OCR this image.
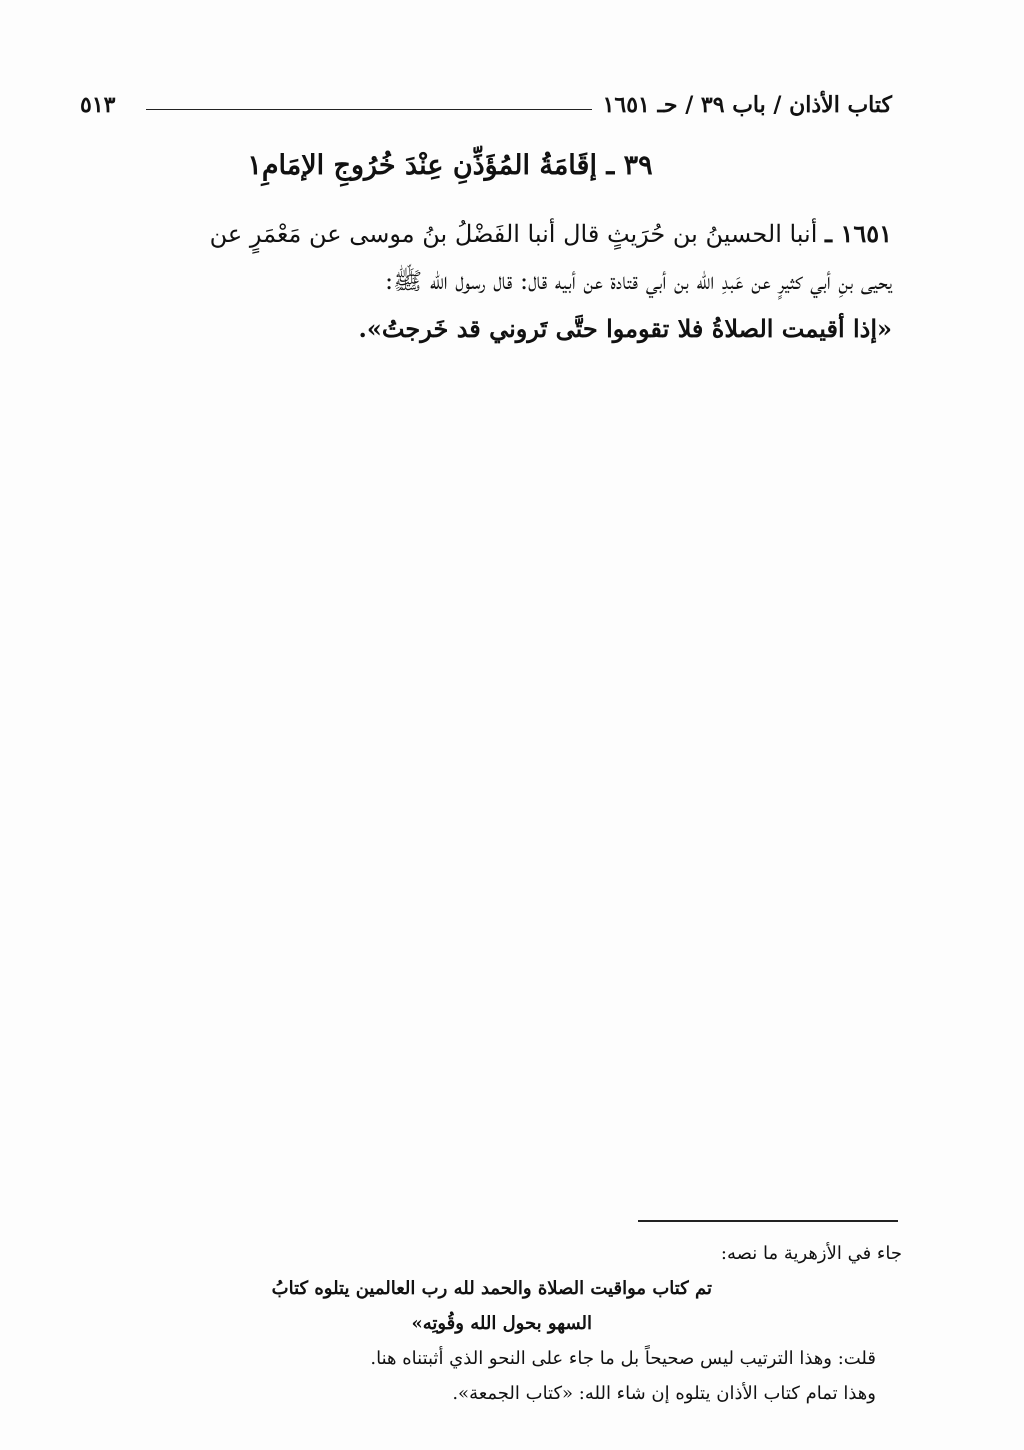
كتاب الأذان / باب ٣٩ / حـ ١٦٥١
٥١٣
٣٩ ـ إقَامَةُ المُؤَذِّنِ عِنْدَ خُرُوجِ الإمَامِ١
١٦٥١ ـ أنبا الحسينُ بن حُرَيثٍ قال أنبا الفَضْلُ بنُ موسى عن مَعْمَرٍ عن
يحيى بنِ أبي كثيرٍ عن عَبدِ الله بن أبي قتادة عن أبيه قال: قال رسول الله ﷺ:
«إذا أقيمت الصلاةُ فلا تقوموا حتَّى تَروني قد خَرجتُ».
جاء في الأزهرية ما نصه:
تم كتاب مواقيت الصلاة والحمد لله رب العالمين يتلوه كتابُ
السهو بحول الله وقُوتِه»
قلت: وهذا الترتيب ليس صحيحاً بل ما جاء على النحو الذي أثبتناه هنا.
وهذا تمام كتاب الأذان يتلوه إن شاء الله: «كتاب الجمعة».
